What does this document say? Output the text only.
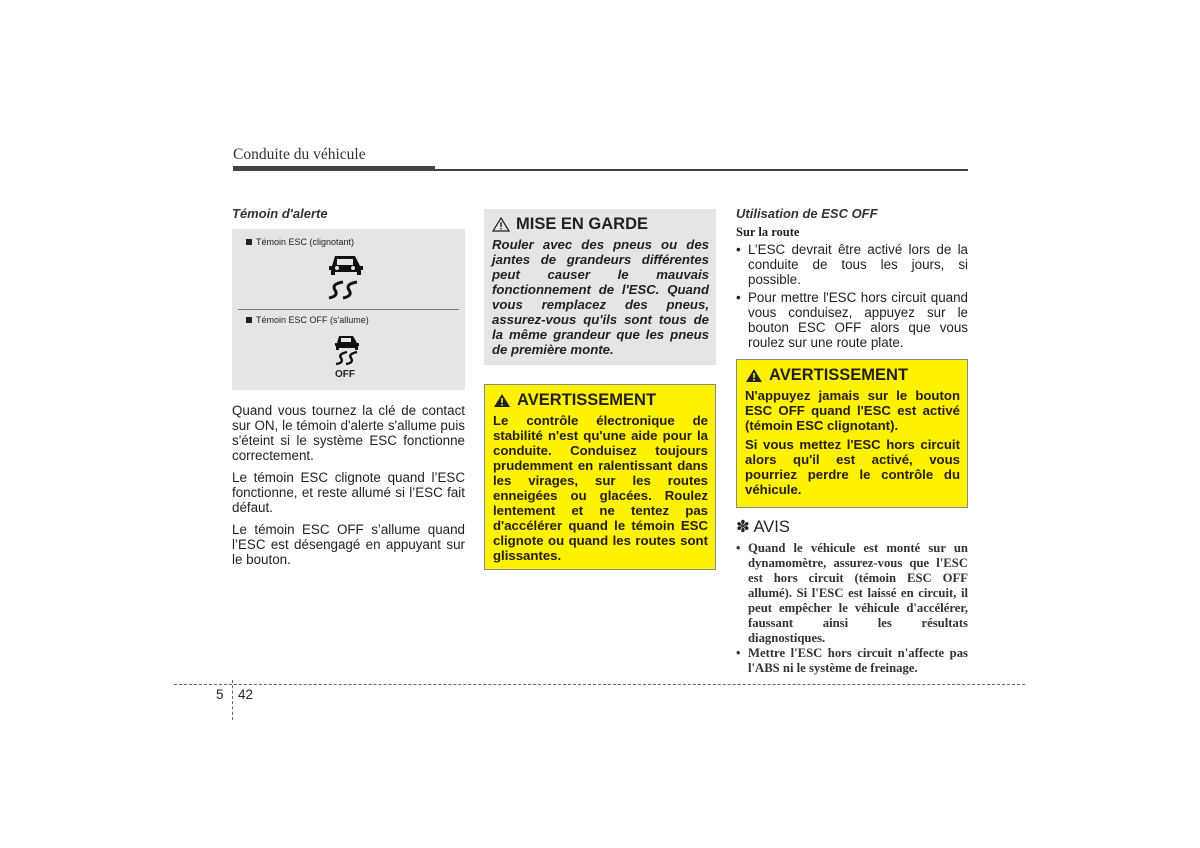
Conduite du véhicule
Témoin d'alerte
Témoin ESC (clignotant)
Témoin ESC OFF (s'allume)
OFF

Quand vous tournez la clé de contact sur ON, le témoin d'alerte s'allume puis s'éteint si le système ESC fonctionne correctement.

Le témoin ESC clignote quand l’ESC fonctionne, et reste allumé si l’ESC fait défaut.

Le témoin ESC OFF s’allume quand l’ESC est désengagé en appuyant sur le bouton.

MISE EN GARDE
Rouler avec des pneus ou des jantes de grandeurs différentes peut causer le mauvais fonctionnement de l'ESC. Quand vous remplacez des pneus, assurez-vous qu'ils sont tous de la même grandeur que les pneus de première monte.
AVERTISSEMENT
Le contrôle électronique de stabilité n'est qu'une aide pour la conduite. Conduisez toujours prudemment en ralentissant dans les virages, sur les routes enneigées ou glacées. Roulez lentement et ne tentez pas d'accélérer quand le témoin ESC clignote ou quand les routes sont glissantes.
Utilisation de ESC OFF
Sur la route
• L’ESC devrait être activé lors de la conduite de tous les jours, si possible.
• Pour mettre l'ESC hors circuit quand vous conduisez, appuyez sur le bouton ESC OFF alors que vous roulez sur une route plate.
AVERTISSEMENT

N'appuyez jamais sur le bouton ESC OFF quand l'ESC est activé (témoin ESC clignotant).

Si vous mettez l'ESC hors circuit alors qu'il est activé, vous pourriez perdre le contrôle du véhicule.

✽ AVIS
• Quand le véhicule est monté sur un dynamomètre, assurez-vous que l'ESC est hors circuit (témoin ESC OFF allumé). Si l'ESC est laissé en circuit, il peut empêcher le véhicule d'accélérer, faussant ainsi les résultats diagnostiques.
• Mettre l'ESC hors circuit n'affecte pas l'ABS ni le système de freinage.
5 42
